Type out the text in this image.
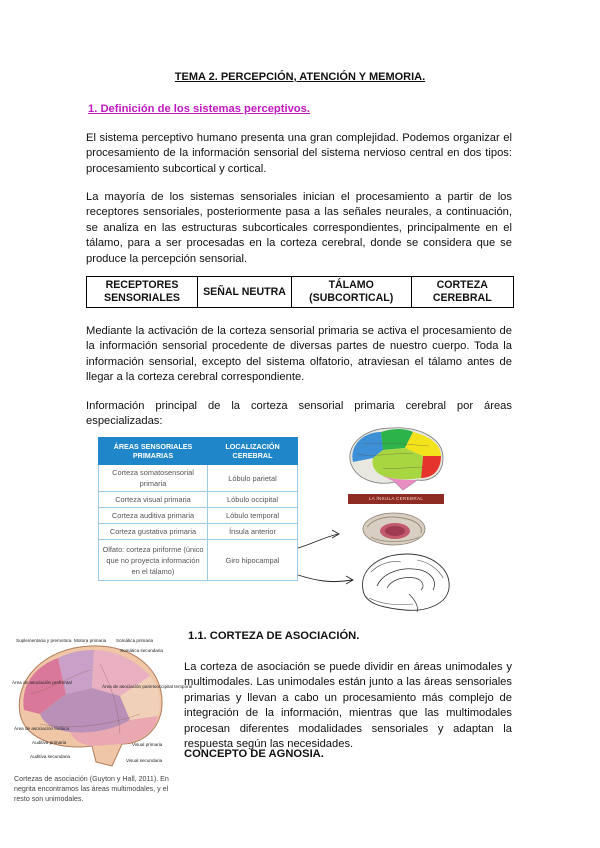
TEMA 2. PERCEPCIÓN, ATENCIÓN Y MEMORIA.
1. Definición de los sistemas perceptivos.
El sistema perceptivo humano presenta una gran complejidad. Podemos organizar el procesamiento de la información sensorial del sistema nervioso central en dos tipos: procesamiento subcortical y cortical.
La mayoría de los sistemas sensoriales inician el procesamiento a partir de los receptores sensoriales, posteriormente pasa a las señales neurales, a continuación, se analiza en las estructuras subcorticales correspondientes, principalmente en el tálamo, para a ser procesadas en la corteza cerebral, donde se considera que se produce la percepción sensorial.
RECEPTORES SENSORIALES	SEÑAL NEUTRA	TÁLAMO (SUBCORTICAL)	CORTEZA CEREBRAL
Mediante la activación de la corteza sensorial primaria se activa el procesamiento de la información sensorial procedente de diversas partes de nuestro cuerpo. Toda la información sensorial, excepto del sistema olfatorio, atraviesan el tálamo antes de llegar a la corteza cerebral correspondiente.
Información principal de la corteza sensorial primaria cerebral por áreas especializadas:
ÁREAS SENSORIALES PRIMARIAS	LOCALIZACIÓN CEREBRAL
Corteza somatosensorial primaria	Lóbulo parietal
Corteza visual primaria	Lóbulo occipital
Corteza auditiva primaria	Lóbulo temporal
Corteza gustativa primaria	Ínsula anterior
Olfato: corteza piriforme (único que no proyecta información en el tálamo)	Giro hipocampal
LA ÍNSULA CEREBRAL
Suplementaria y premotora Motora primaria Somática primaria
Somática secundaria
Área de asociación prefrontal
Área de asociación parietooccipital temporal
Área de asociación límbica
Auditiva primaria
Auditiva secundaria
Visual primaria
Visual secundaria
Cortezas de asociación (Guyton y Hall, 2011). En negrita encontramos las áreas multimodales, y el resto son unimodales.
1.1. CORTEZA DE ASOCIACIÓN.
La corteza de asociación se puede dividir en áreas unimodales y multimodales. Las unimodales están junto a las áreas sensoriales primarias y llevan a cabo un procesamiento más complejo de integración de la información, mientras que las multimodales procesan diferentes modalidades sensoriales y adaptan la respuesta según las necesidades.
CONCEPTO DE AGNOSIA.
